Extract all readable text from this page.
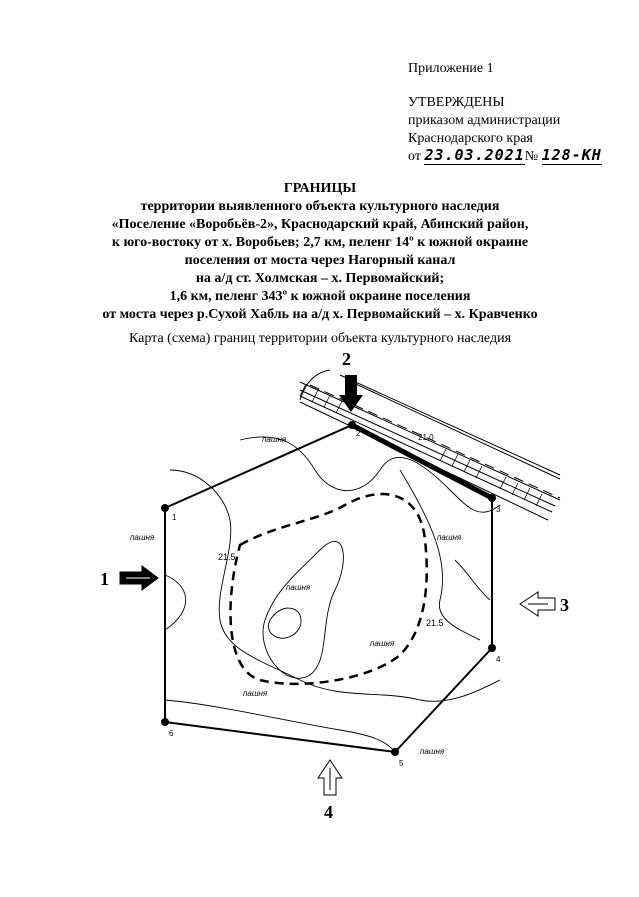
Приложение 1
УТВЕРЖДЕНЫ
приказом администрации
Краснодарского края
от 23.03.2021№ 128-КН
ГРАНИЦЫ
территории выявленного объекта культурного наследия
«Поселение «Воробьёв-2», Краснодарский край, Абинский район,
к юго-востоку от х. Воробьев; 2,7 км, пеленг 14º к южной окраине
поселения от моста через Нагорный канал
на а/д ст. Холмская – х. Первомайский;
1,6 км, пеленг 343º к южной окраине поселения
от моста через р.Сухой Хабль на а/д х. Первомайский – х. Кравченко
Карта (схема) границ территории объекта культурного наследия
1
2
3
4
5
6
пашня
пашня	пашня
пашня
пашня
пашня
пашня
21.5
21.5
21.0
1
2
3
4
